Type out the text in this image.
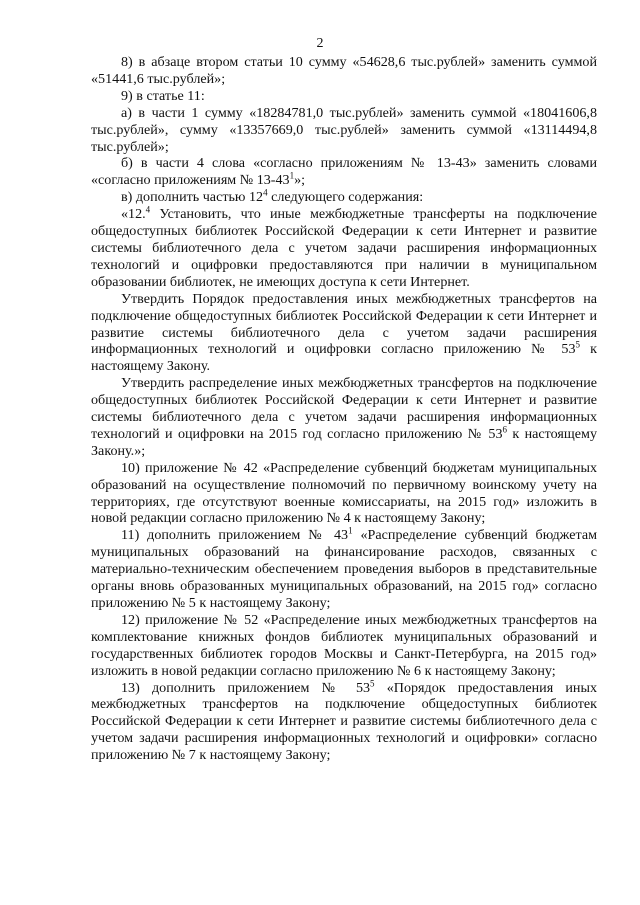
2

8) в абзаце втором статьи 10 сумму «54628,6 тыс.рублей» заменить суммой «51441,6 тыс.рублей»;

9) в статье 11:

а) в части 1 сумму «18284781,0 тыс.рублей» заменить суммой «18041606,8 тыс.рублей», сумму «13357669,0 тыс.рублей» заменить суммой «13114494,8 тыс.рублей»;

б) в части 4 слова «согласно приложениям № 13-43» заменить словами «согласно приложениям № $13-43^1$»;

в) дополнить частью $12^4$ следующего содержания:

«12.$^4$ Установить, что иные межбюджетные трансферты на подключение общедоступных библиотек Российской Федерации к сети Интернет и развитие системы библиотечного дела с учетом задачи расширения информационных технологий и оцифровки предоставляются при наличии в муниципальном образовании библиотек, не имеющих доступа к сети Интернет.

Утвердить Порядок предоставления иных межбюджетных трансфертов на подключение общедоступных библиотек Российской Федерации к сети Интернет и развитие системы библиотечного дела с учетом задачи расширения информационных технологий и оцифровки согласно приложению № $53^5$ к настоящему Закону.

Утвердить распределение иных межбюджетных трансфертов на подключение общедоступных библиотек Российской Федерации к сети Интернет и развитие системы библиотечного дела с учетом задачи расширения информационных технологий и оцифровки на 2015 год согласно приложению № $53^6$ к настоящему Закону.»;

10) приложение № 42 «Распределение субвенций бюджетам муниципальных образований на осуществление полномочий по первичному воинскому учету на территориях, где отсутствуют военные комиссариаты, на 2015 год» изложить в новой редакции согласно приложению № 4 к настоящему Закону;

11) дополнить приложением № $43^1$ «Распределение субвенций бюджетам муниципальных образований на финансирование расходов, связанных с материально-техническим обеспечением проведения выборов в представительные органы вновь образованных муниципальных образований, на 2015 год» согласно приложению № 5 к настоящему Закону;

12) приложение № 52 «Распределение иных межбюджетных трансфертов на комплектование книжных фондов библиотек муниципальных образований и государственных библиотек городов Москвы и Санкт-Петербурга, на 2015 год» изложить в новой редакции согласно приложению № 6 к настоящему Закону;

13) дополнить приложением № $53^5$ «Порядок предоставления иных межбюджетных трансфертов на подключение общедоступных библиотек Российской Федерации к сети Интернет и развитие системы библиотечного дела с учетом задачи расширения информационных технологий и оцифровки» согласно приложению № 7 к настоящему Закону;
